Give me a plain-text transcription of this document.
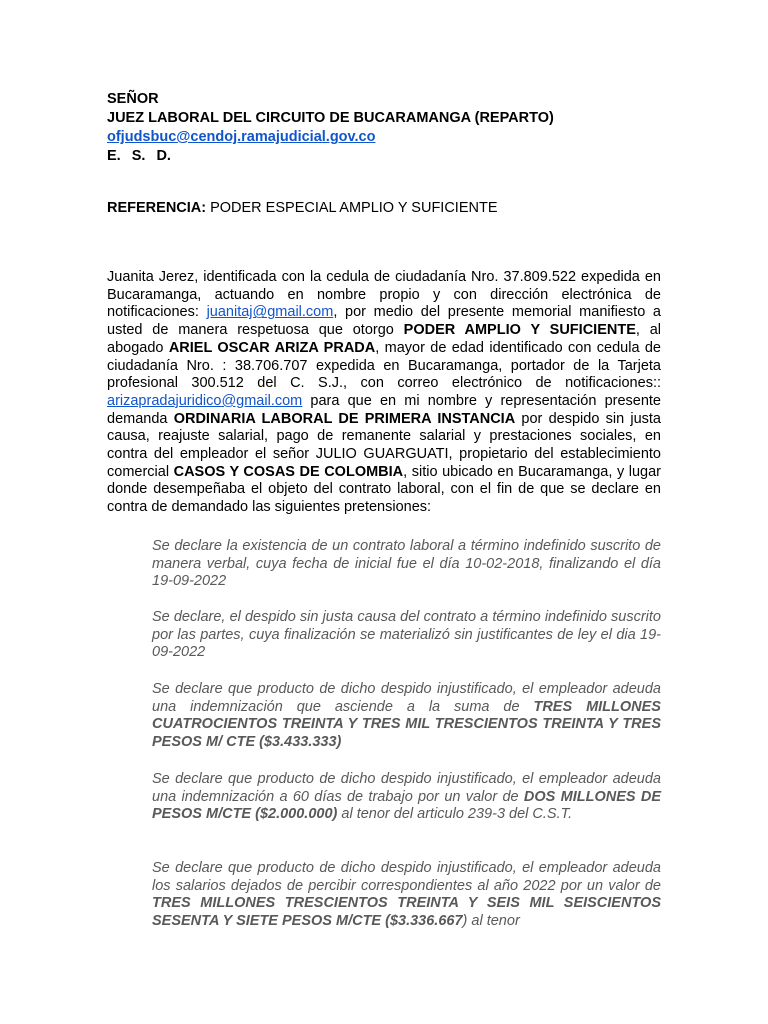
SEÑOR
JUEZ LABORAL DEL CIRCUITO DE BUCARAMANGA (REPARTO)
ofjudsbuc@cendoj.ramajudicial.gov.co
E. S. D.
REFERENCIA: PODER ESPECIAL AMPLIO Y SUFICIENTE
Juanita Jerez, identificada con la cedula de ciudadanía Nro. 37.809.522 expedida en Bucaramanga, actuando en nombre propio y con dirección electrónica de notificaciones: juanitaj@gmail.com, por medio del presente memorial manifiesto a usted de manera respetuosa que otorgo PODER AMPLIO Y SUFICIENTE, al abogado ARIEL OSCAR ARIZA PRADA, mayor de edad identificado con cedula de ciudadanía Nro. : 38.706.707 expedida en Bucaramanga, portador de la Tarjeta profesional 300.512 del C. S.J., con correo electrónico de notificaciones:: arizapradajuridico@gmail.com para que en mi nombre y representación presente demanda ORDINARIA LABORAL DE PRIMERA INSTANCIA por despido sin justa causa, reajuste salarial, pago de remanente salarial y prestaciones sociales, en contra del empleador el señor JULIO GUARGUATI, propietario del establecimiento comercial CASOS Y COSAS DE COLOMBIA, sitio ubicado en Bucaramanga, y lugar donde desempeñaba el objeto del contrato laboral, con el fin de que se declare en contra de demandado las siguientes pretensiones:
Se declare la existencia de un contrato laboral a término indefinido suscrito de manera verbal, cuya fecha de inicial fue el día 10-02-2018, finalizando el día 19-09-2022
Se declare, el despido sin justa causa del contrato a término indefinido suscrito por las partes, cuya finalización se materializó sin justificantes de ley el dia 19-09-2022
Se declare que producto de dicho despido injustificado, el empleador adeuda una indemnización que asciende a la suma de TRES MILLONES CUATROCIENTOS TREINTA Y TRES MIL TRESCIENTOS TREINTA Y TRES PESOS M/ CTE ($3.433.333)
Se declare que producto de dicho despido injustificado, el empleador adeuda una indemnización a 60 días de trabajo por un valor de DOS MILLONES DE PESOS M/CTE ($2.000.000) al tenor del articulo 239-3 del C.S.T.
Se declare que producto de dicho despido injustificado, el empleador adeuda los salarios dejados de percibir correspondientes al año 2022 por un valor de TRES MILLONES TRESCIENTOS TREINTA Y SEIS MIL SEISCIENTOS SESENTA Y SIETE PESOS M/CTE ($3.336.667) al tenor
